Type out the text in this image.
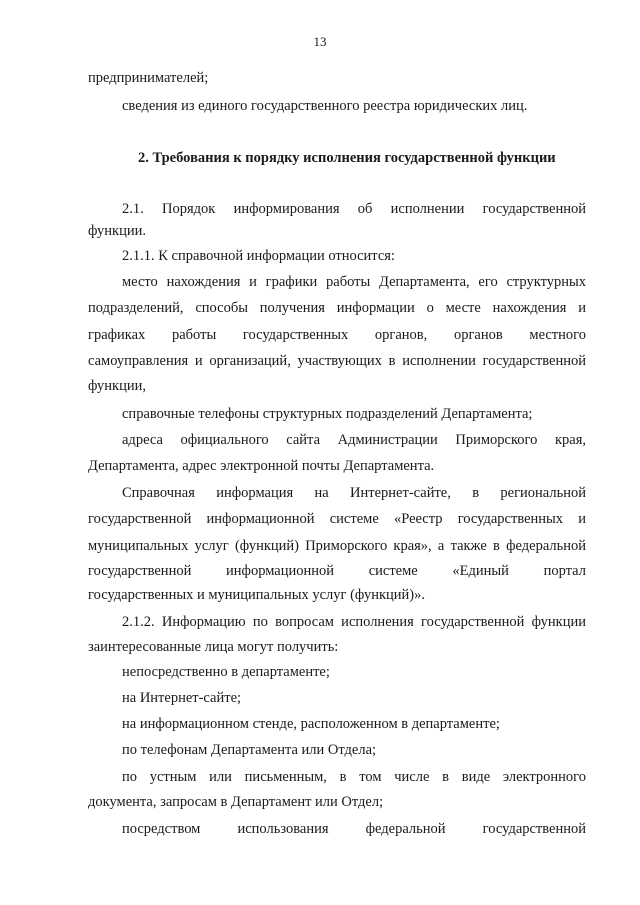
13
предпринимателей;
сведения из единого государственного реестра юридических лиц.
2. Требования к порядку исполнения государственной функции
2.1. Порядок информирования об исполнении государственной
функции.
2.1.1. К справочной информации относится:
место нахождения и графики работы Департамента, его структурных
подразделений, способы получения информации о месте нахождения и
графиках работы государственных органов, органов местного
самоуправления и организаций, участвующих в исполнении государственной
функции,
справочные телефоны структурных подразделений Департамента;
адреса официального сайта Администрации Приморского края,
Департамента, адрес электронной почты Департамента.
Справочная информация на Интернет-сайте, в региональной
государственной информационной системе «Реестр государственных и
муниципальных услуг (функций) Приморского края», а также в федеральной
государственной информационной системе «Единый портал
государственных и муниципальных услуг (функций)».
2.1.2. Информацию по вопросам исполнения государственной функции
заинтересованные лица могут получить:
непосредственно в департаменте;
на Интернет-сайте;
на информационном стенде, расположенном в департаменте;
по телефонам Департамента или Отдела;
по устным или письменным, в том числе в виде электронного
документа, запросам в Департамент или Отдел;
посредством использования федеральной государственной
